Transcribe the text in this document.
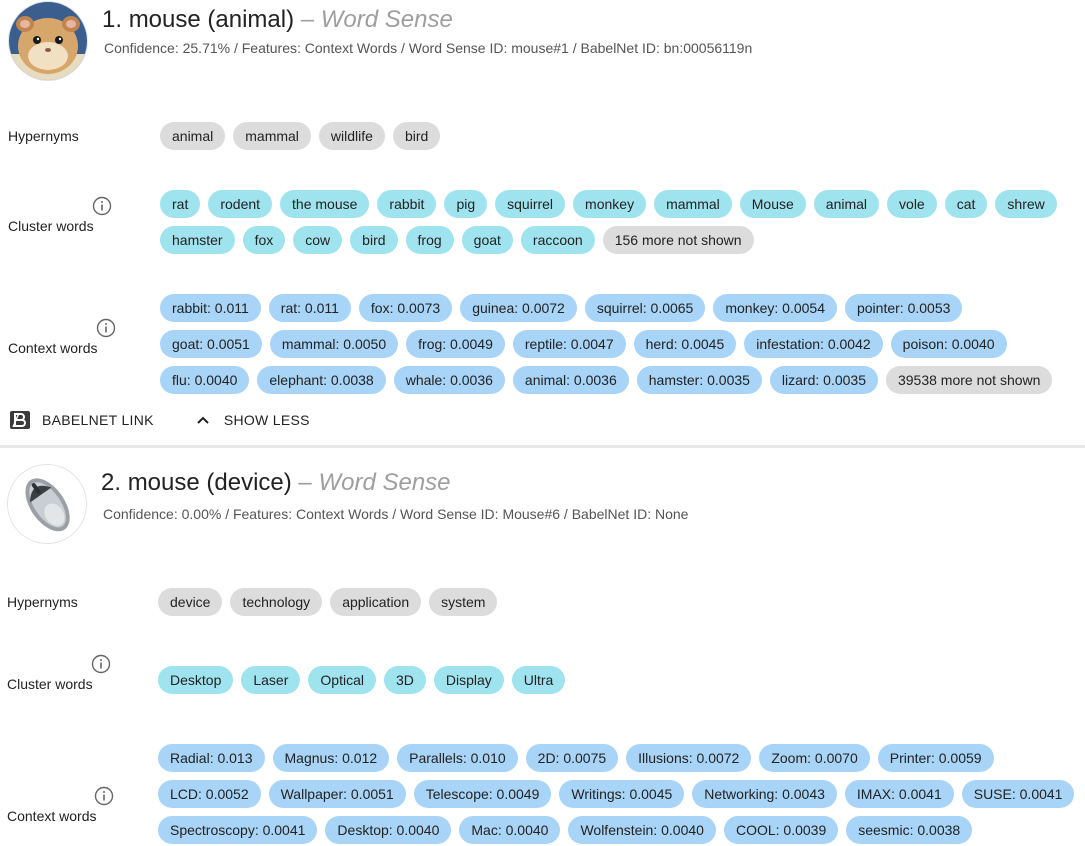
1. mouse (animal) – Word Sense
Confidence: 25.71% / Features: Context Words / Word Sense ID: mouse#1 / BabelNet ID: bn:00056119n
Hypernyms	animal	mammal	wildlife	bird
Cluster words
rat	rodent	the mouse	rabbit	pig	squirrel	monkey	mammal	Mouse	animal	vole	cat	shrew
hamster	fox	cow	bird	frog	goat	raccoon	156 more not shown
Context words
rabbit: 0.011	rat: 0.011	fox: 0.0073	guinea: 0.0072	squirrel: 0.0065	monkey: 0.0054	pointer: 0.0053
goat: 0.0051	mammal: 0.0050	frog: 0.0049	reptile: 0.0047	herd: 0.0045	infestation: 0.0042	poison: 0.0040
flu: 0.0040	elephant: 0.0038	whale: 0.0036	animal: 0.0036	hamster: 0.0035	lizard: 0.0035	39538 more not shown
BABELNET LINK	SHOW LESS
2. mouse (device) – Word Sense
Confidence: 0.00% / Features: Context Words / Word Sense ID: Mouse#6 / BabelNet ID: None
Hypernyms	device	technology	application	system
Cluster words	Desktop	Laser	Optical	3D	Display	Ultra
Context words
Radial: 0.013	Magnus: 0.012	Parallels: 0.010	2D: 0.0075	Illusions: 0.0072	Zoom: 0.0070	Printer: 0.0059
LCD: 0.0052	Wallpaper: 0.0051	Telescope: 0.0049	Writings: 0.0045	Networking: 0.0043	IMAX: 0.0041	SUSE: 0.0041
Spectroscopy: 0.0041	Desktop: 0.0040	Mac: 0.0040	Wolfenstein: 0.0040	COOL: 0.0039	seesmic: 0.0038
